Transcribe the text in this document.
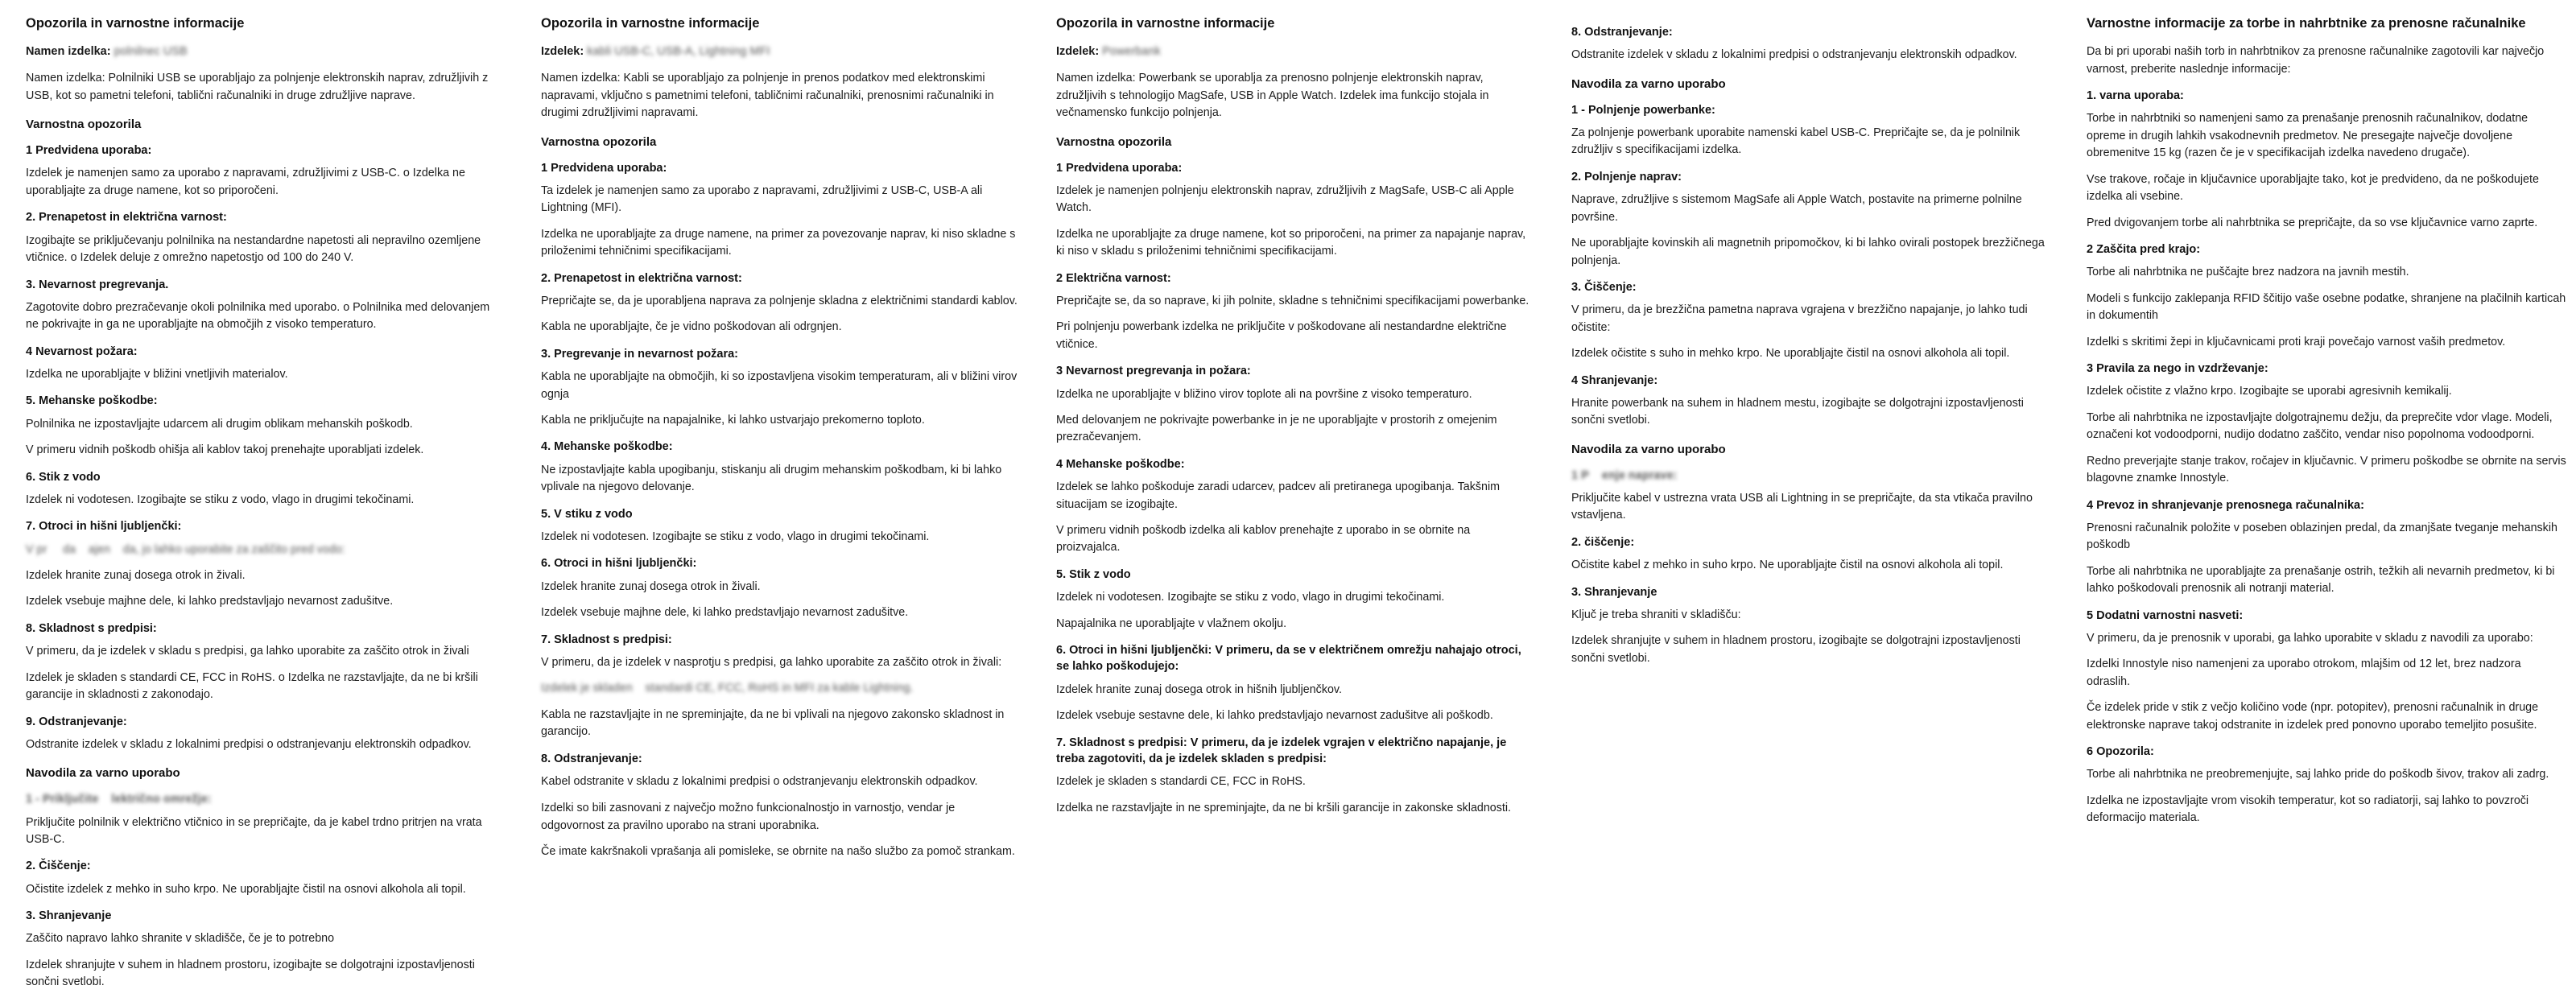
Opozorila in varnostne informacije
Namen izdelka: polnilnec USB
Namen izdelka: Polnilniki USB se uporabljajo za polnjenje elektronskih naprav, združljivih z USB, kot so pametni telefoni, tablični računalniki in druge združljive naprave.
Varnostna opozorila
1 Predvidena uporaba:
Izdelek je namenjen samo za uporabo z napravami, združljivimi z USB-C. o Izdelka ne uporabljajte za druge namene, kot so priporočeni.
2. Prenapetost in električna varnost:
Izogibajte se priključevanju polnilnika na nestandardne napetosti ali nepravilno ozemljene vtičnice. o Izdelek deluje z omrežno napetostjo od 100 do 240 V.
3. Nevarnost pregrevanja.
Zagotovite dobro prezračevanje okoli polnilnika med uporabo. o Polnilnika med delovanjem ne pokrivajte in ga ne uporabljajte na območjih z visoko temperaturo.
4 Nevarnost požara:
Izdelka ne uporabljajte v bližini vnetljivih materialov.
5. Mehanske poškodbe:
Polnilnika ne izpostavljajte udarcem ali drugim oblikam mehanskih poškodb.
V primeru vidnih poškodb ohišja ali kablov takoj prenehajte uporabljati izdelek.
6. Stik z vodo
Izdelek ni vodotesen. Izogibajte se stiku z vodo, vlago in drugimi tekočinami.
7. Otroci in hišni ljubljenčki:
V pr     da    ajen    da, jo lahko uporabite za zaščito pred vodo:
Izdelek hranite zunaj dosega otrok in živali.
Izdelek vsebuje majhne dele, ki lahko predstavljajo nevarnost zadušitve.
8. Skladnost s predpisi:
V primeru, da je izdelek v skladu s predpisi, ga lahko uporabite za zaščito otrok in živali
Izdelek je skladen s standardi CE, FCC in RoHS. o Izdelka ne razstavljajte, da ne bi kršili garancije in skladnosti z zakonodajo.
9. Odstranjevanje:
Odstranite izdelek v skladu z lokalnimi predpisi o odstranjevanju elektronskih odpadkov.
Navodila za varno uporabo
1 - Priključite    lektrično omrežje:
Priključite polnilnik v električno vtičnico in se prepričajte, da je kabel trdno pritrjen na vrata USB-C.
2. Čiščenje:
Očistite izdelek z mehko in suho krpo. Ne uporabljajte čistil na osnovi alkohola ali topil.
3. Shranjevanje
Zaščito napravo lahko shranite v skladišče, če je to potrebno
Izdelek shranjujte v suhem in hladnem prostoru, izogibajte se dolgotrajni izpostavljenosti sončni svetlobi.
Opozorila in varnostne informacije
Izdelek: kabli USB-C, USB-A, Lightning MFI
Namen izdelka: Kabli se uporabljajo za polnjenje in prenos podatkov med elektronskimi napravami, vključno s pametnimi telefoni, tabličnimi računalniki, prenosnimi računalniki in drugimi združljivimi napravami.
Varnostna opozorila
1 Predvidena uporaba:
Ta izdelek je namenjen samo za uporabo z napravami, združljivimi z USB-C, USB-A ali Lightning (MFI).
Izdelka ne uporabljajte za druge namene, na primer za povezovanje naprav, ki niso skladne s priloženimi tehničnimi specifikacijami.
2. Prenapetost in električna varnost:
Prepričajte se, da je uporabljena naprava za polnjenje skladna z električnimi standardi kablov.
Kabla ne uporabljajte, če je vidno poškodovan ali odrgnjen.
3. Pregrevanje in nevarnost požara:
Kabla ne uporabljajte na območjih, ki so izpostavljena visokim temperaturam, ali v bližini virov ognja
Kabla ne priključujte na napajalnike, ki lahko ustvarjajo prekomerno toploto.
4. Mehanske poškodbe:
Ne izpostavljajte kabla upogibanju, stiskanju ali drugim mehanskim poškodbam, ki bi lahko vplivale na njegovo delovanje.
5. V stiku z vodo
Izdelek ni vodotesen. Izogibajte se stiku z vodo, vlago in drugimi tekočinami.
6. Otroci in hišni ljubljenčki:
Izdelek hranite zunaj dosega otrok in živali.
Izdelek vsebuje majhne dele, ki lahko predstavljajo nevarnost zadušitve.
7. Skladnost s predpisi:
V primeru, da je izdelek v nasprotju s predpisi, ga lahko uporabite za zaščito otrok in živali:
Izdelek je skladen    standardi CE, FCC, RoHS in MFI za kable Lightning.
Kabla ne razstavljajte in ne spreminjajte, da ne bi vplivali na njegovo zakonsko skladnost in garancijo.
8. Odstranjevanje:
Kabel odstranite v skladu z lokalnimi predpisi o odstranjevanju elektronskih odpadkov.
Izdelki so bili zasnovani z največjo možno funkcionalnostjo in varnostjo, vendar je odgovornost za pravilno uporabo na strani uporabnika.
Če imate kakršnakoli vprašanja ali pomisleke, se obrnite na našo službo za pomoč strankam.
Opozorila in varnostne informacije
Izdelek: Powerbank
Namen izdelka: Powerbank se uporablja za prenosno polnjenje elektronskih naprav, združljivih s tehnologijo MagSafe, USB in Apple Watch. Izdelek ima funkcijo stojala in večnamensko funkcijo polnjenja.
Varnostna opozorila
1 Predvidena uporaba:
Izdelek je namenjen polnjenju elektronskih naprav, združljivih z MagSafe, USB-C ali Apple Watch.
Izdelka ne uporabljajte za druge namene, kot so priporočeni, na primer za napajanje naprav, ki niso v skladu s priloženimi tehničnimi specifikacijami.
2 Električna varnost:
Prepričajte se, da so naprave, ki jih polnite, skladne s tehničnimi specifikacijami powerbanke.
Pri polnjenju powerbank izdelka ne priključite v poškodovane ali nestandardne električne vtičnice.
3 Nevarnost pregrevanja in požara:
Izdelka ne uporabljajte v bližino virov toplote ali na površine z visoko temperaturo.
Med delovanjem ne pokrivajte powerbanke in je ne uporabljajte v prostorih z omejenim prezračevanjem.
4 Mehanske poškodbe:
Izdelek se lahko poškoduje zaradi udarcev, padcev ali pretiranega upogibanja. Takšnim situacijam se izogibajte.
V primeru vidnih poškodb izdelka ali kablov prenehajte z uporabo in se obrnite na proizvajalca.
5. Stik z vodo
Izdelek ni vodotesen. Izogibajte se stiku z vodo, vlago in drugimi tekočinami.
Napajalnika ne uporabljajte v vlažnem okolju.
6. Otroci in hišni ljubljenčki: V primeru, da se v električnem omrežju nahajajo otroci, se lahko poškodujejo:
Izdelek hranite zunaj dosega otrok in hišnih ljubljenčkov.
Izdelek vsebuje sestavne dele, ki lahko predstavljajo nevarnost zadušitve ali poškodb.
7. Skladnost s predpisi: V primeru, da je izdelek vgrajen v električno napajanje, je treba zagotoviti, da je izdelek skladen s predpisi:
Izdelek je skladen s standardi CE, FCC in RoHS.
Izdelka ne razstavljajte in ne spreminjajte, da ne bi kršili garancije in zakonske skladnosti.
8. Odstranjevanje:
Odstranite izdelek v skladu z lokalnimi predpisi o odstranjevanju elektronskih odpadkov.
Navodila za varno uporabo
1 - Polnjenje powerbanke:
Za polnjenje powerbank uporabite namenski kabel USB-C. Prepričajte se, da je polnilnik združljiv s specifikacijami izdelka.
2. Polnjenje naprav:
Naprave, združljive s sistemom MagSafe ali Apple Watch, postavite na primerne polnilne površine.
Ne uporabljajte kovinskih ali magnetnih pripomočkov, ki bi lahko ovirali postopek brezžičnega polnjenja.
3. Čiščenje:
V primeru, da je brezžična pametna naprava vgrajena v brezžično napajanje, jo lahko tudi očistite:
Izdelek očistite s suho in mehko krpo. Ne uporabljajte čistil na osnovi alkohola ali topil.
4 Shranjevanje:
Hranite powerbank na suhem in hladnem mestu, izogibajte se dolgotrajni izpostavljenosti sončni svetlobi.
Navodila za varno uporabo
1 P    enje naprave:
Priključite kabel v ustrezna vrata USB ali Lightning in se prepričajte, da sta vtikača pravilno vstavljena.
2. čiščenje:
Očistite kabel z mehko in suho krpo. Ne uporabljajte čistil na osnovi alkohola ali topil.
3. Shranjevanje
Ključ je treba shraniti v skladišču:
Izdelek shranjujte v suhem in hladnem prostoru, izogibajte se dolgotrajni izpostavljenosti sončni svetlobi.
Varnostne informacije za torbe in nahrbtnike za prenosne računalnike
Da bi pri uporabi naših torb in nahrbtnikov za prenosne računalnike zagotovili kar največjo varnost, preberite naslednje informacije:
1. varna uporaba:
Torbe in nahrbtniki so namenjeni samo za prenašanje prenosnih računalnikov, dodatne opreme in drugih lahkih vsakodnevnih predmetov. Ne presegajte največje dovoljene obremenitve 15 kg (razen če je v specifikacijah izdelka navedeno drugače).
Vse trakove, ročaje in ključavnice uporabljajte tako, kot je predvideno, da ne poškodujete izdelka ali vsebine.
Pred dvigovanjem torbe ali nahrbtnika se prepričajte, da so vse ključavnice varno zaprte.
2 Zaščita pred krajo:
Torbe ali nahrbtnika ne puščajte brez nadzora na javnih mestih.
Modeli s funkcijo zaklepanja RFID ščitijo vaše osebne podatke, shranjene na plačilnih karticah in dokumentih
Izdelki s skritimi žepi in ključavnicami proti kraji povečajo varnost vaših predmetov.
3 Pravila za nego in vzdrževanje:
Izdelek očistite z vlažno krpo. Izogibajte se uporabi agresivnih kemikalij.
Torbe ali nahrbtnika ne izpostavljajte dolgotrajnemu dežju, da preprečite vdor vlage. Modeli, označeni kot vodoodporni, nudijo dodatno zaščito, vendar niso popolnoma vodoodporni.
Redno preverjajte stanje trakov, ročajev in ključavnic. V primeru poškodbe se obrnite na servis blagovne znamke Innostyle.
4 Prevoz in shranjevanje prenosnega računalnika:
Prenosni računalnik položite v poseben oblazinjen predal, da zmanjšate tveganje mehanskih poškodb
Torbe ali nahrbtnika ne uporabljajte za prenašanje ostrih, težkih ali nevarnih predmetov, ki bi lahko poškodovali prenosnik ali notranji material.
5 Dodatni varnostni nasveti:
V primeru, da je prenosnik v uporabi, ga lahko uporabite v skladu z navodili za uporabo:
Izdelki Innostyle niso namenjeni za uporabo otrokom, mlajšim od 12 let, brez nadzora odraslih.
Če izdelek pride v stik z večjo količino vode (npr. potopitev), prenosni računalnik in druge elektronske naprave takoj odstranite in izdelek pred ponovno uporabo temeljito posušite.
6 Opozorila:
Torbe ali nahrbtnika ne preobremenjujte, saj lahko pride do poškodb šivov, trakov ali zadrg.
Izdelka ne izpostavljajte vrom visokih temperatur, kot so radiatorji, saj lahko to povzroči deformacijo materiala.
